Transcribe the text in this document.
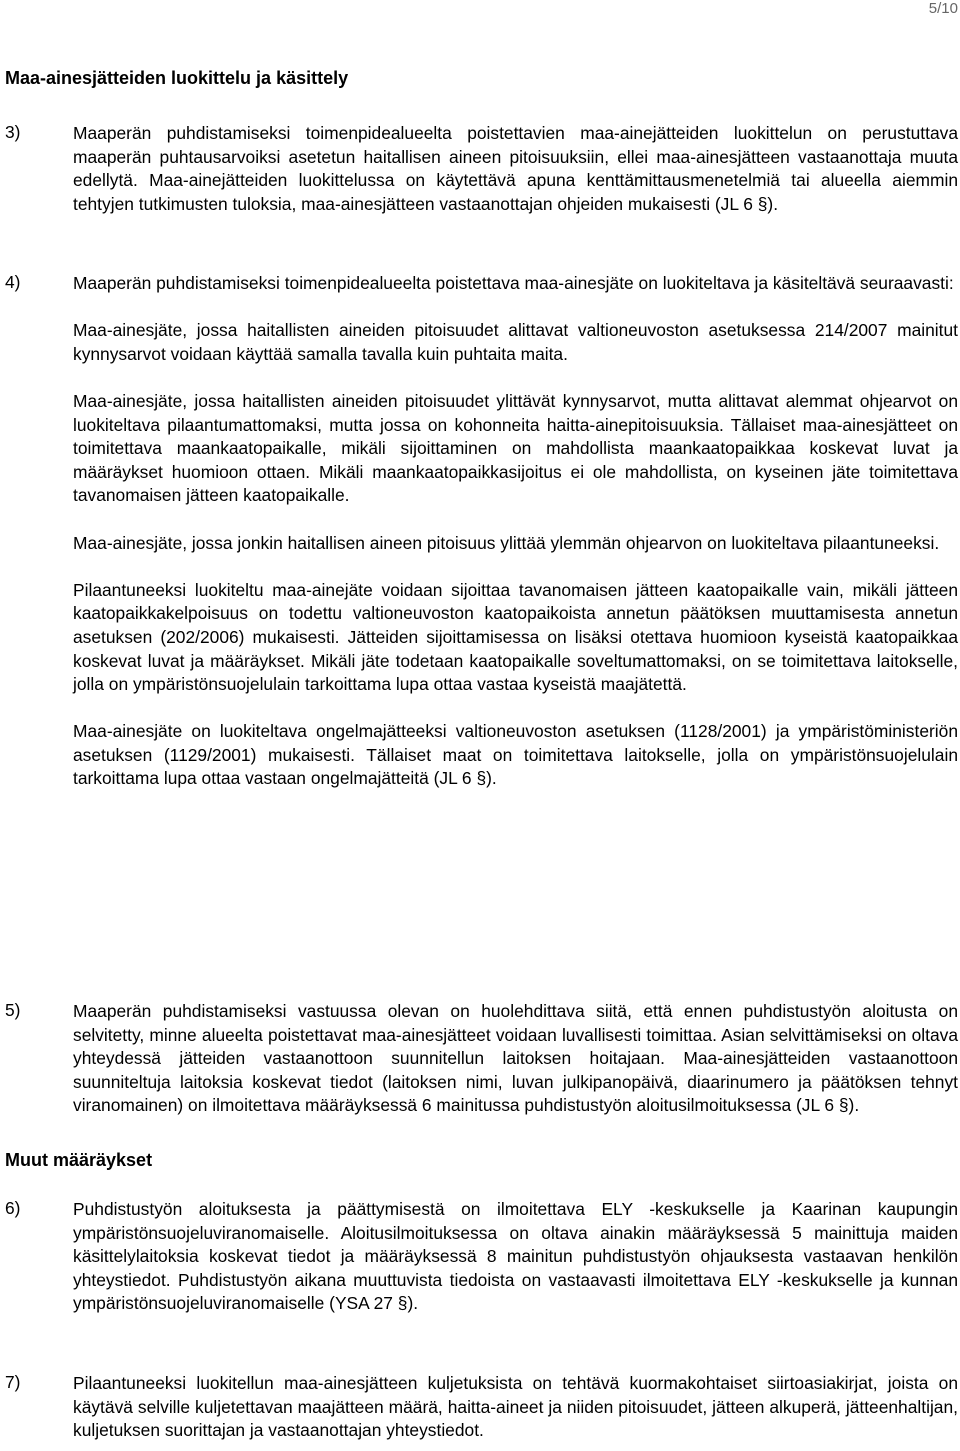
5/10
Maa-ainesjätteiden luokittelu ja käsittely
3)	Maaperän puhdistamiseksi toimenpidealueelta poistettavien maa-ainejätteiden luokittelun on perustuttava maaperän puhtausarvoiksi asetetun haitallisen aineen pitoisuuksiin, ellei maa-ainesjätteen vastaanottaja muuta edellytä. Maa-ainejätteiden luokittelussa on käytettävä apuna kenttämittausmenetelmiä tai alueella aiemmin tehtyjen tutkimusten tuloksia, maa-ainesjätteen vastaanottajan ohjeiden mukaisesti (JL 6 §).

4)	Maaperän puhdistamiseksi toimenpidealueelta poistettava maa-ainesjäte on luokiteltava ja käsiteltävä seuraavasti:

Maa-ainesjäte, jossa haitallisten aineiden pitoisuudet alittavat valtioneuvoston asetuksessa 214/2007 mainitut kynnysarvot voidaan käyttää samalla tavalla kuin puhtaita maita.

Maa-ainesjäte, jossa haitallisten aineiden pitoisuudet ylittävät kynnysarvot, mutta alittavat alemmat ohjearvot on luokiteltava pilaantumattomaksi, mutta jossa on kohonneita haitta-ainepitoisuuksia. Tällaiset maa-ainesjätteet on toimitettava maankaatopaikalle, mikäli sijoittaminen on mahdollista maankaatopaikkaa koskevat luvat ja määräykset huomioon ottaen. Mikäli maankaatopaikkasijoitus ei ole mahdollista, on kyseinen jäte toimitettava tavanomaisen jätteen kaatopaikalle.

Maa-ainesjäte, jossa jonkin haitallisen aineen pitoisuus ylittää ylemmän ohjearvon on luokiteltava pilaantuneeksi.

Pilaantuneeksi luokiteltu maa-ainejäte voidaan sijoittaa tavanomaisen jätteen kaatopaikalle vain, mikäli jätteen kaatopaikkakelpoisuus on todettu valtioneuvoston kaatopaikoista annetun päätöksen muuttamisesta annetun asetuksen (202/2006) mukaisesti. Jätteiden sijoittamisessa on lisäksi otettava huomioon kyseistä kaatopaikkaa koskevat luvat ja määräykset. Mikäli jäte todetaan kaatopaikalle soveltumattomaksi, on se toimitettava laitokselle, jolla on ympäristönsuojelulain tarkoittama lupa ottaa vastaa kyseistä maajätettä.

Maa-ainesjäte on luokiteltava ongelmajätteeksi valtioneuvoston asetuksen (1128/2001) ja ympäristöministeriön asetuksen (1129/2001) mukaisesti. Tällaiset maat on toimitettava laitokselle, jolla on ympäristönsuojelulain tarkoittama lupa ottaa vastaan ongelmajätteitä (JL 6 §).

5)	Maaperän puhdistamiseksi vastuussa olevan on huolehdittava siitä, että ennen puhdistustyön aloitusta on selvitetty, minne alueelta poistettavat maa-ainesjätteet voidaan luvallisesti toimittaa. Asian selvittämiseksi on oltava yhteydessä jätteiden vastaanottoon suunnitellun laitoksen hoitajaan. Maa-ainesjätteiden vastaanottoon suunniteltuja laitoksia koskevat tiedot (laitoksen nimi, luvan julkipanopäivä, diaarinumero ja päätöksen tehnyt viranomainen) on ilmoitettava määräyksessä 6 mainitussa puhdistustyön aloitusilmoituksessa (JL 6 §).

Muut määräykset
6)	Puhdistustyön aloituksesta ja päättymisestä on ilmoitettava ELY -keskukselle ja Kaarinan kaupungin ympäristönsuojeluviranomaiselle. Aloitusilmoituksessa on oltava ainakin määräyksessä 5 mainittuja maiden käsittelylaitoksia koskevat tiedot ja määräyksessä 8 mainitun puhdistustyön ohjauksesta vastaavan henkilön yhteystiedot. Puhdistustyön aikana muuttuvista tiedoista on vastaavasti ilmoitettava ELY -keskukselle ja kunnan ympäristönsuojeluviranomaiselle (YSA 27 §).

7)	Pilaantuneeksi luokitellun maa-ainesjätteen kuljetuksista on tehtävä kuormakohtaiset siirtoasiakirjat, joista on käytävä selville kuljetettavan maajätteen määrä, haitta-aineet ja niiden pitoisuudet, jätteen alkuperä, jätteenhaltijan, kuljetuksen suorittajan ja vastaanottajan yhteystiedot.
